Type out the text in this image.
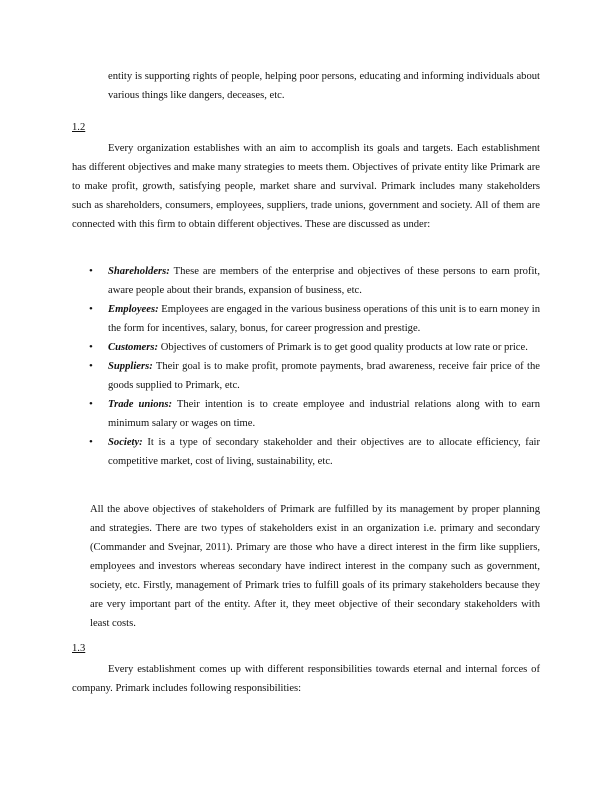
entity is supporting rights of people, helping poor persons, educating and informing individuals about various things like dangers, deceases, etc.
1.2
Every organization establishes with an aim to accomplish its goals and targets. Each establishment has different objectives and make many strategies to meets them. Objectives of private entity like Primark are to make profit, growth, satisfying people, market share and survival. Primark includes many stakeholders such as shareholders, consumers, employees, suppliers, trade unions, government and society. All of them are connected with this firm to obtain different objectives. These are discussed as under:
• Shareholders: These are members of the enterprise and objectives of these persons to earn profit, aware people about their brands, expansion of business, etc.
• Employees: Employees are engaged in the various business operations of this unit is to earn money in the form for incentives, salary, bonus, for career progression and prestige.
• Customers: Objectives of customers of Primark is to get good quality products at low rate or price.
• Suppliers: Their goal is to make profit, promote payments, brad awareness, receive fair price of the goods supplied to Primark, etc.
• Trade unions: Their intention is to create employee and industrial relations along with to earn minimum salary or wages on time.
• Society: It is a type of secondary stakeholder and their objectives are to allocate efficiency, fair competitive market, cost of living, sustainability, etc.
All the above objectives of stakeholders of Primark are fulfilled by its management by proper planning and strategies. There are two types of stakeholders exist in an organization i.e. primary and secondary (Commander and Svejnar, 2011). Primary are those who have a direct interest in the firm like suppliers, employees and investors whereas secondary have indirect interest in the company such as government, society, etc. Firstly, management of Primark tries to fulfill goals of its primary stakeholders because they are very important part of the entity. After it, they meet objective of their secondary stakeholders with least costs.
1.3
Every establishment comes up with different responsibilities towards eternal and internal forces of company. Primark includes following responsibilities:
